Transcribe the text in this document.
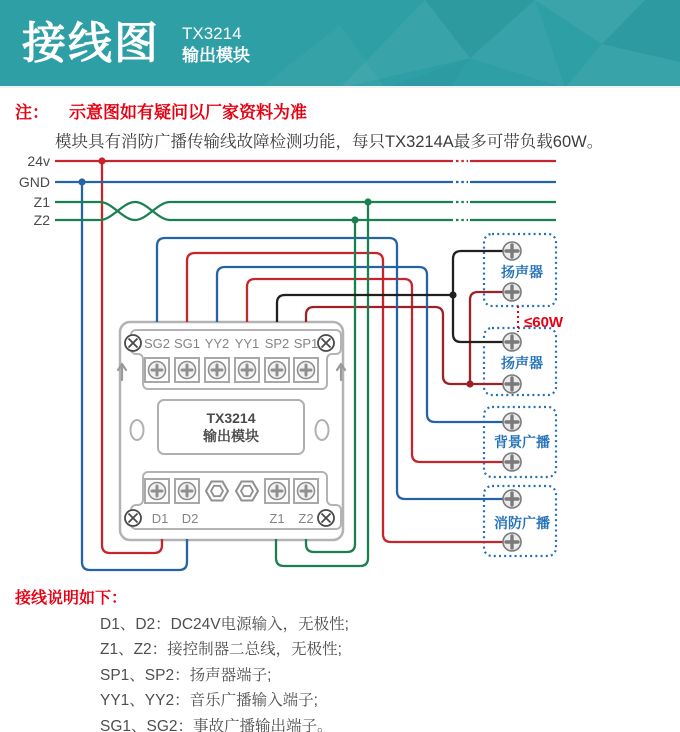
接线图 TX3214
输出模块
注： 示意图如有疑问以厂家资料为准
模块具有消防广播传输线故障检测功能，每只TX3214A最多可带负载60W。
24v
GND
Z1
Z2
SG2 SG1 YY2 YY1 SP2 SP1
D1 D2	Z1 Z2
TX3214
输出模块
扬声器
扬声器
背景广播
消防广播
≤60W
接线说明如下：
D1、D2：DC24V电源输入，无极性;
Z1、Z2：接控制器二总线，无极性;
SP1、SP2：扬声器端子;
YY1、YY2：音乐广播输入端子;
SG1、SG2：事故广播输出端子。
